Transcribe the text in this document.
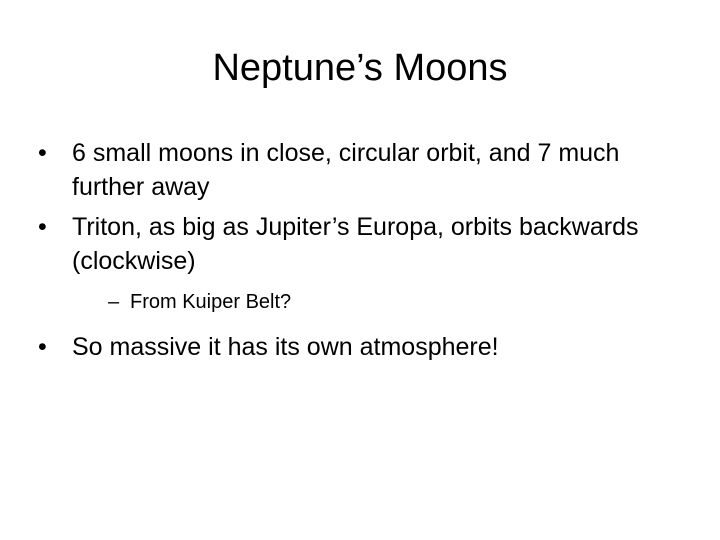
Neptune’s Moons
• 6 small moons in close, circular orbit, and 7 much further away
• Triton, as big as Jupiter’s Europa, orbits backwards (clockwise)
– From Kuiper Belt?
• So massive it has its own atmosphere!
